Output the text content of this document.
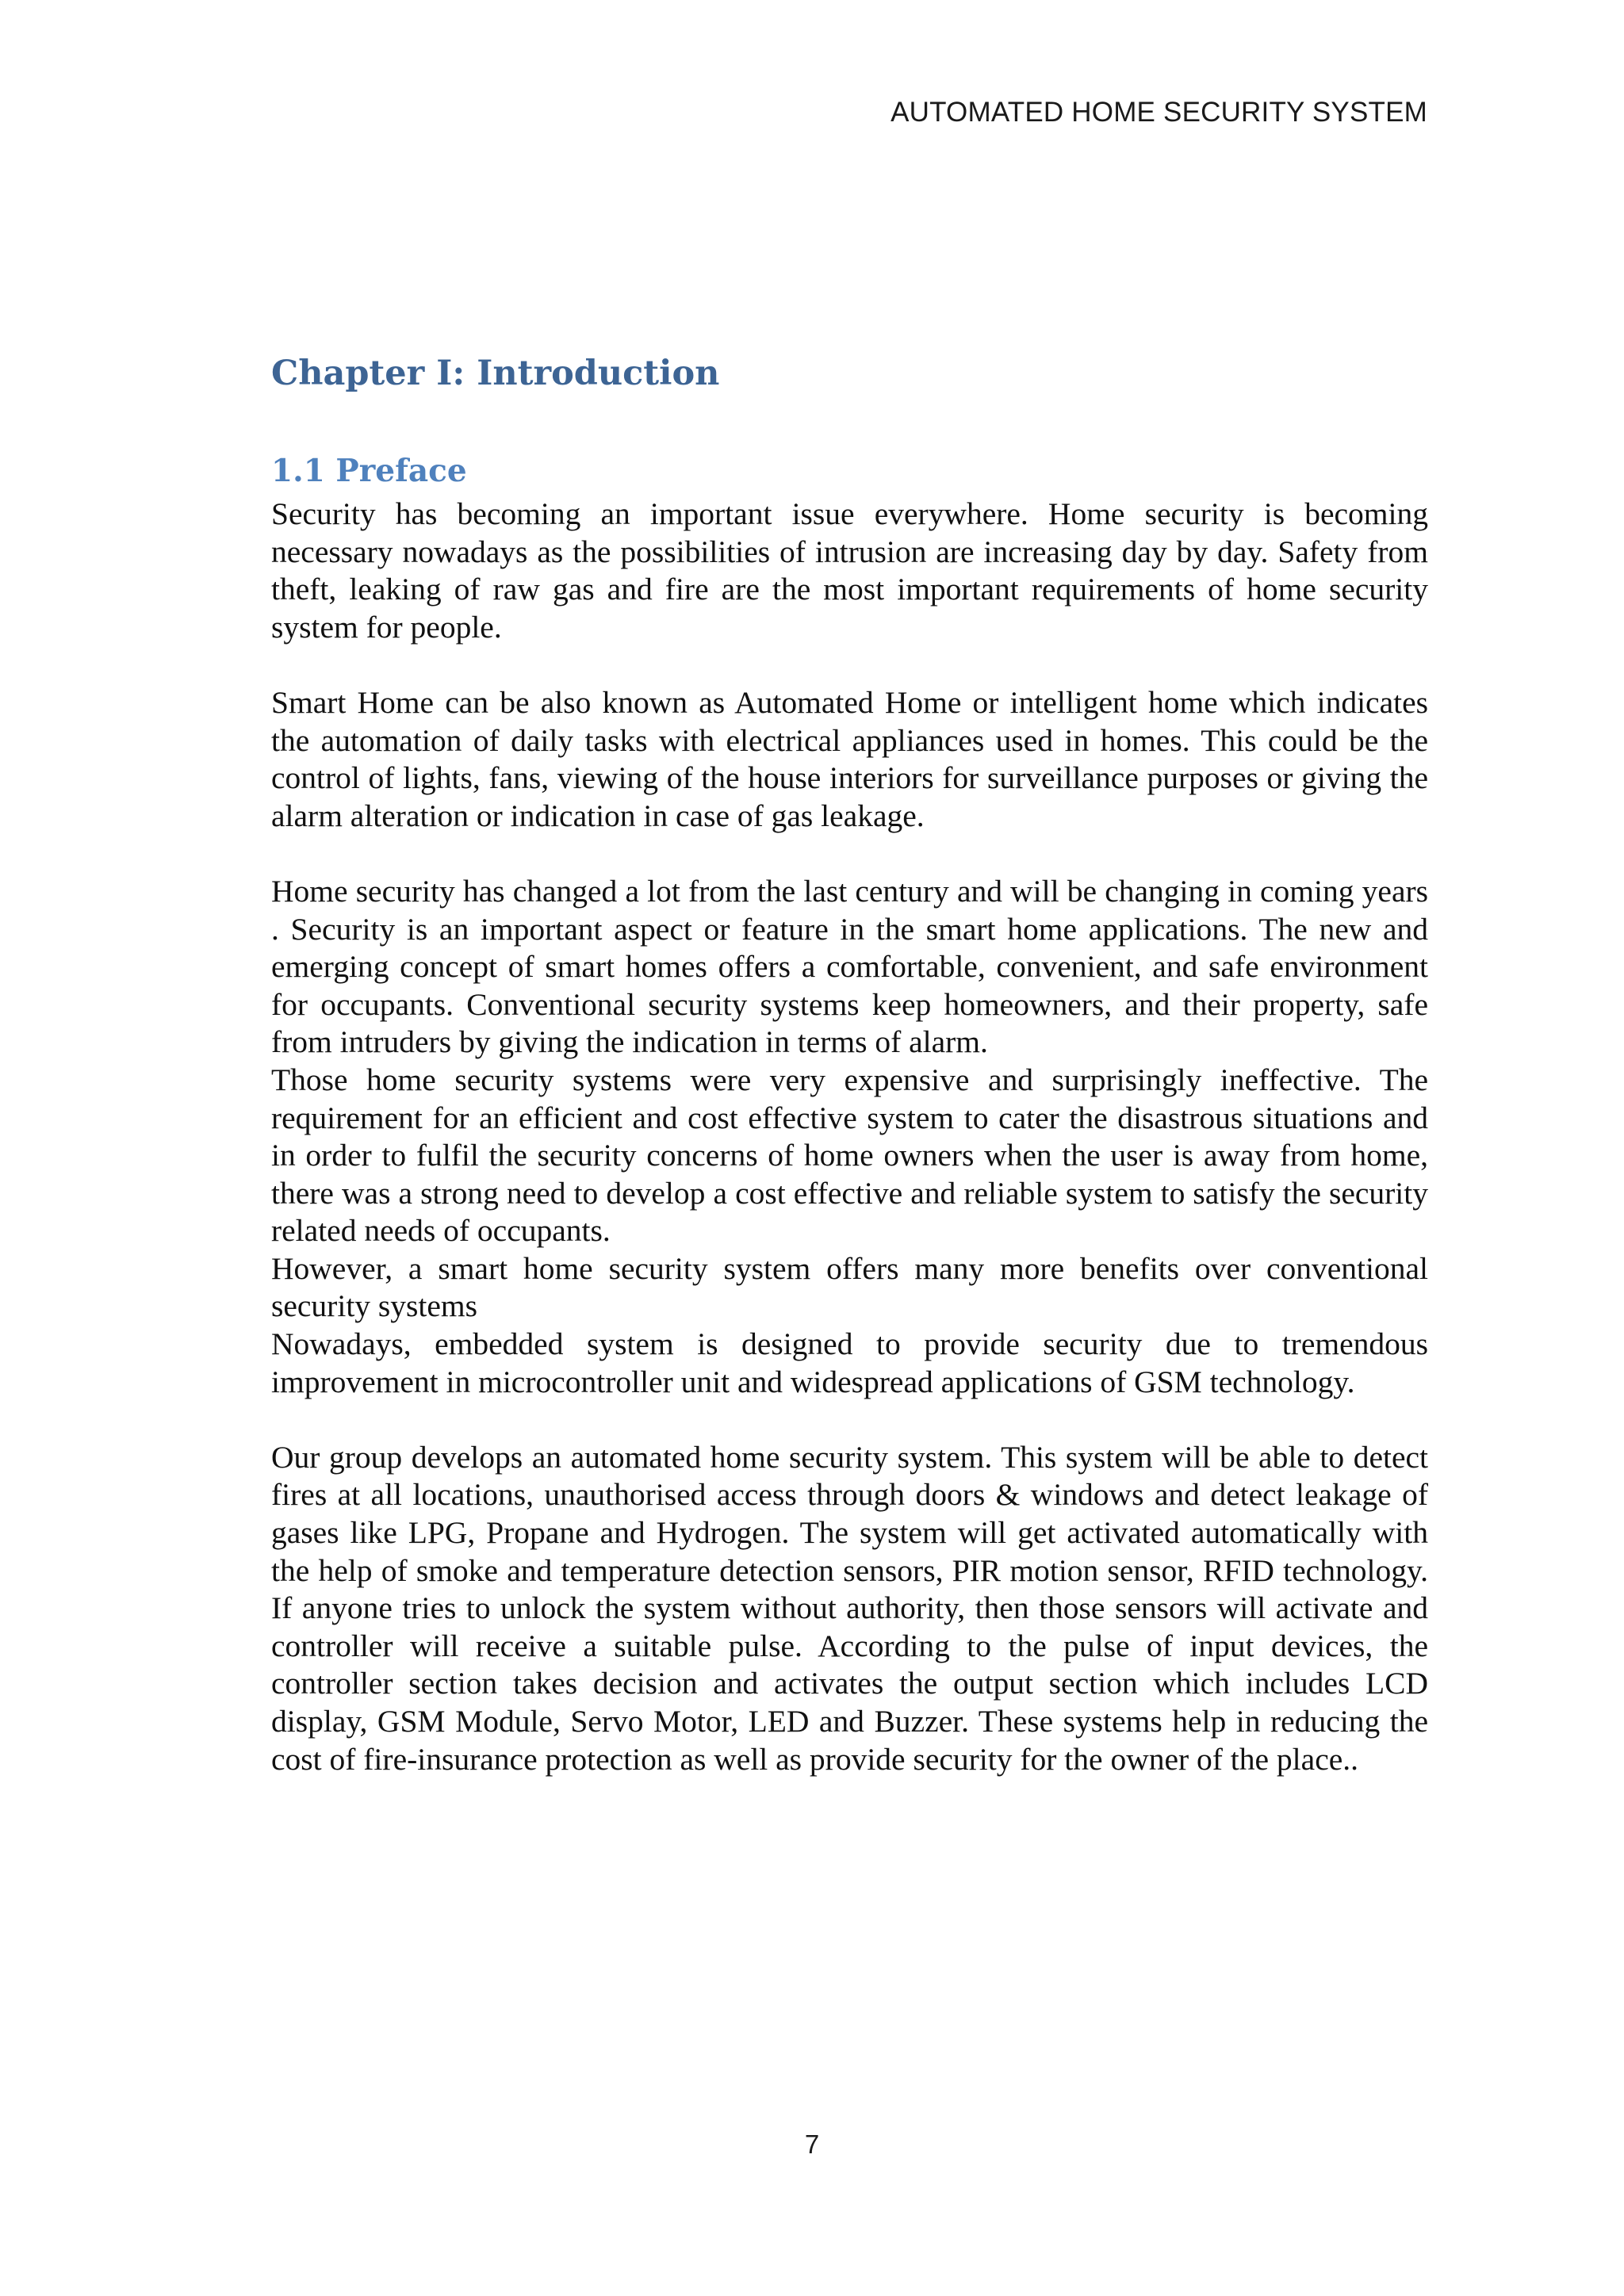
AUTOMATED HOME SECURITY SYSTEM
Chapter I: Introduction
1.1 Preface

Security has becoming an important issue everywhere. Home security is becoming necessary nowadays as the possibilities of intrusion are increasing day by day. Safety from theft, leaking of raw gas and fire are the most important requirements of home security system for people.

Smart Home can be also known as Automated Home or intelligent home which indicates the automation of daily tasks with electrical appliances used in homes. This could be the control of lights, fans, viewing of the house interiors for surveillance purposes or giving the alarm alteration or indication in case of gas leakage.

Home security has changed a lot from the last century and will be changing in coming years . Security is an important aspect or feature in the smart home applications. The new and emerging concept of smart homes offers a comfortable, convenient, and safe environment for occupants. Conventional security systems keep homeowners, and their property, safe from intruders by giving the indication in terms of alarm.

Those home security systems were very expensive and surprisingly ineffective. The requirement for an efficient and cost effective system to cater the disastrous situations and in order to fulfil the security concerns of home owners when the user is away from home, there was a strong need to develop a cost effective and reliable system to satisfy the security related needs of occupants.

However, a smart home security system offers many more benefits over conventional security systems

Nowadays, embedded system is designed to provide security due to tremendous improvement in microcontroller unit and widespread applications of GSM technology.

Our group develops an automated home security system. This system will be able to detect fires at all locations, unauthorised access through doors & windows and detect leakage of gases like LPG, Propane and Hydrogen. The system will get activated automatically with the help of smoke and temperature detection sensors, PIR motion sensor, RFID technology. If anyone tries to unlock the system without authority, then those sensors will activate and controller will receive a suitable pulse. According to the pulse of input devices, the controller section takes decision and activates the output section which includes LCD display, GSM Module, Servo Motor, LED and Buzzer. These systems help in reducing the cost of fire-insurance protection as well as provide security for the owner of the place..

7
